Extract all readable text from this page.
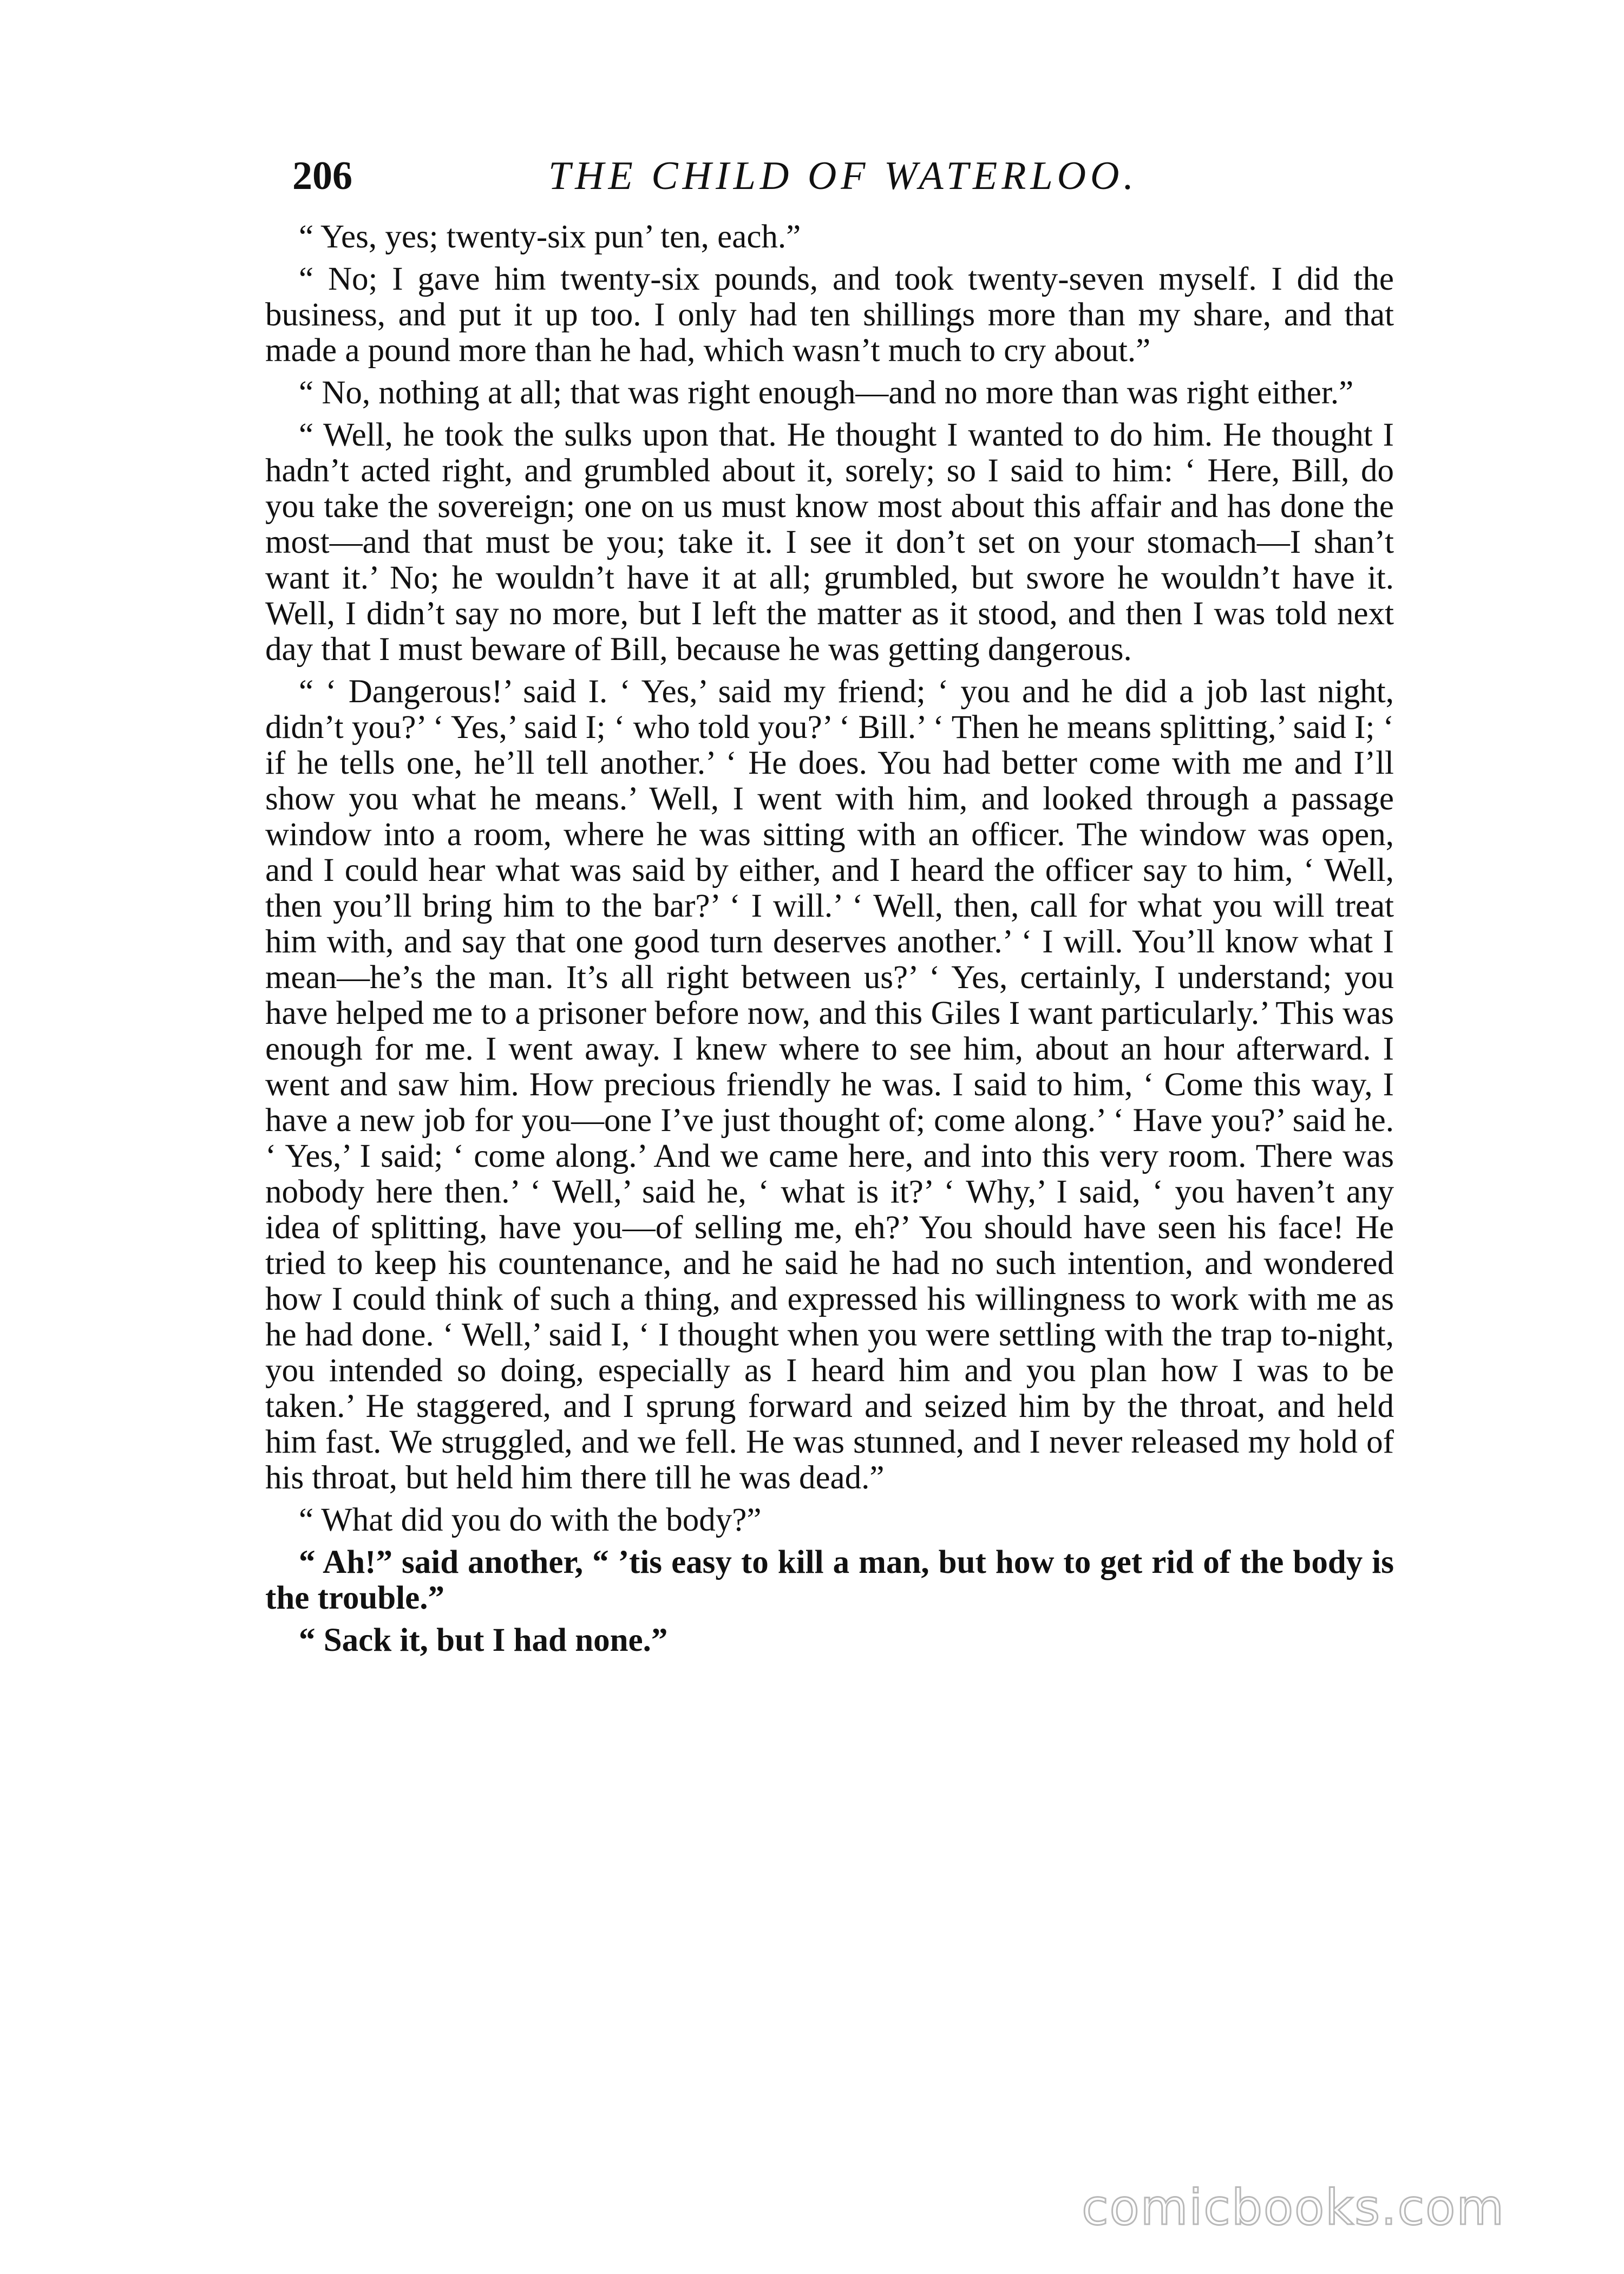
206	THE CHILD OF WATERLOO.

“ Yes, yes; twenty-six pun’ ten, each.”

“ No; I gave him twenty-six pounds, and took twenty-seven myself. I did the business, and put it up too. I only had ten shillings more than my share, and that made a pound more than he had, which wasn’t much to cry about.”

“ No, nothing at all; that was right enough—and no more than was right either.”

“ Well, he took the sulks upon that. He thought I wanted to do him. He thought I hadn’t acted right, and grumbled about it, sorely; so I said to him: ‘ Here, Bill, do you take the sovereign; one on us must know most about this affair and has done the most—and that must be you; take it. I see it don’t set on your stomach—I shan’t want it.’ No; he wouldn’t have it at all; grumbled, but swore he wouldn’t have it. Well, I didn’t say no more, but I left the matter as it stood, and then I was told next day that I must beware of Bill, because he was getting dangerous.

“ ‘ Dangerous!’ said I. ‘ Yes,’ said my friend; ‘ you and he did a job last night, didn’t you?’ ‘ Yes,’ said I; ‘ who told you?’ ‘ Bill.’ ‘ Then he means splitting,’ said I; ‘ if he tells one, he’ll tell another.’ ‘ He does. You had better come with me and I’ll show you what he means.’ Well, I went with him, and looked through a passage window into a room, where he was sitting with an officer. The window was open, and I could hear what was said by either, and I heard the officer say to him, ‘ Well, then you’ll bring him to the bar?’ ‘ I will.’ ‘ Well, then, call for what you will treat him with, and say that one good turn deserves another.’ ‘ I will. You’ll know what I mean—he’s the man. It’s all right between us?’ ‘ Yes, certainly, I understand; you have helped me to a prisoner before now, and this Giles I want particularly.’ This was enough for me. I went away. I knew where to see him, about an hour afterward. I went and saw him. How precious friendly he was. I said to him, ‘ Come this way, I have a new job for you—one I’ve just thought of; come along.’ ‘ Have you?’ said he. ‘ Yes,’ I said; ‘ come along.’ And we came here, and into this very room. There was nobody here then.’ ‘ Well,’ said he, ‘ what is it?’ ‘ Why,’ I said, ‘ you haven’t any idea of splitting, have you—of selling me, eh?’ You should have seen his face! He tried to keep his countenance, and he said he had no such intention, and wondered how I could think of such a thing, and expressed his willingness to work with me as he had done. ‘ Well,’ said I, ‘ I thought when you were settling with the trap to-night, you intended so doing, especially as I heard him and you plan how I was to be taken.’ He staggered, and I sprung forward and seized him by the throat, and held him fast. We struggled, and we fell. He was stunned, and I never released my hold of his throat, but held him there till he was dead.”

“ What did you do with the body?”

“ Ah!” said another, “ ’tis easy to kill a man, but how to get rid of the body is the trouble.”

“ Sack it, but I had none.”

comicbooks.com
